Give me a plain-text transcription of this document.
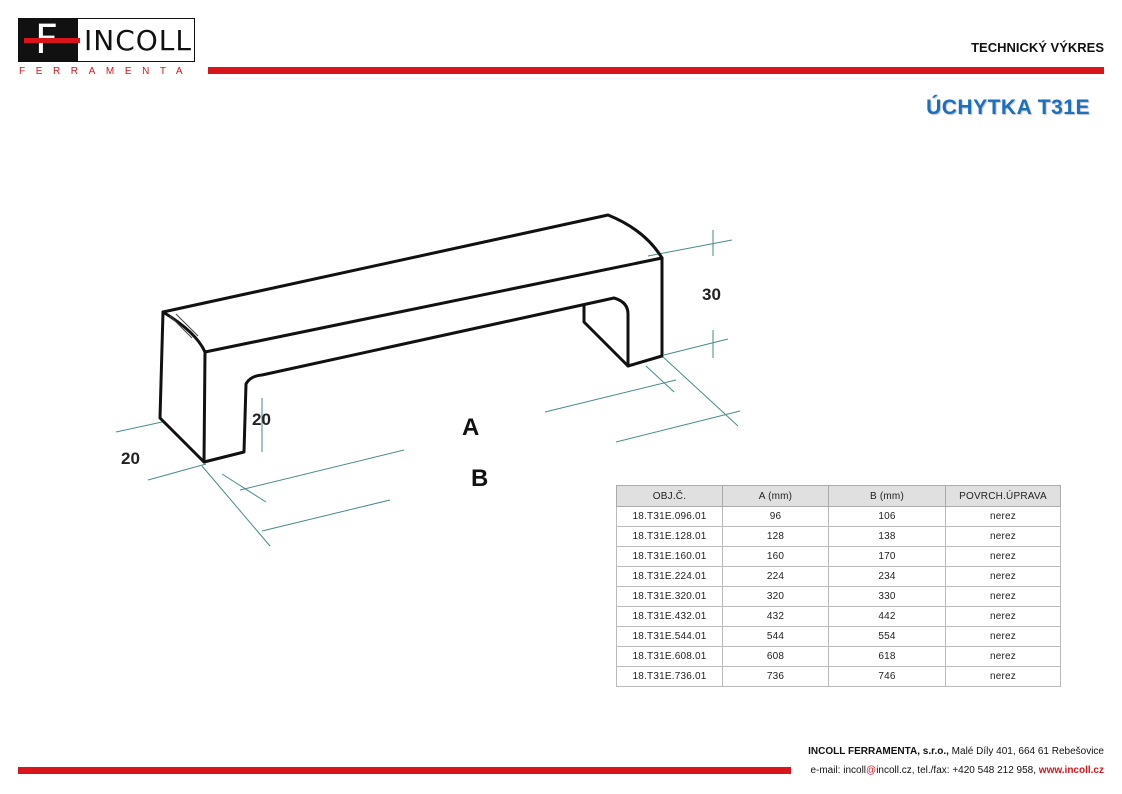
INCOLL
FERRAMENTA
TECHNICKÝ VÝKRES
ÚCHYTKA T31E
30
20
20
A
B
OBJ.Č.	A (mm)	B (mm)	POVRCH.ÚPRAVA
18.T31E.096.01	96	106	nerez
18.T31E.128.01	128	138	nerez
18.T31E.160.01	160	170	nerez
18.T31E.224.01	224	234	nerez
18.T31E.320.01	320	330	nerez
18.T31E.432.01	432	442	nerez
18.T31E.544.01	544	554	nerez
18.T31E.608.01	608	618	nerez
18.T31E.736.01	736	746	nerez
INCOLL FERRAMENTA, s.r.o., Malé Díly 401, 664 61 Rebešovice
e-mail: incoll@incoll.cz, tel./fax: +420 548 212 958, www.incoll.cz
